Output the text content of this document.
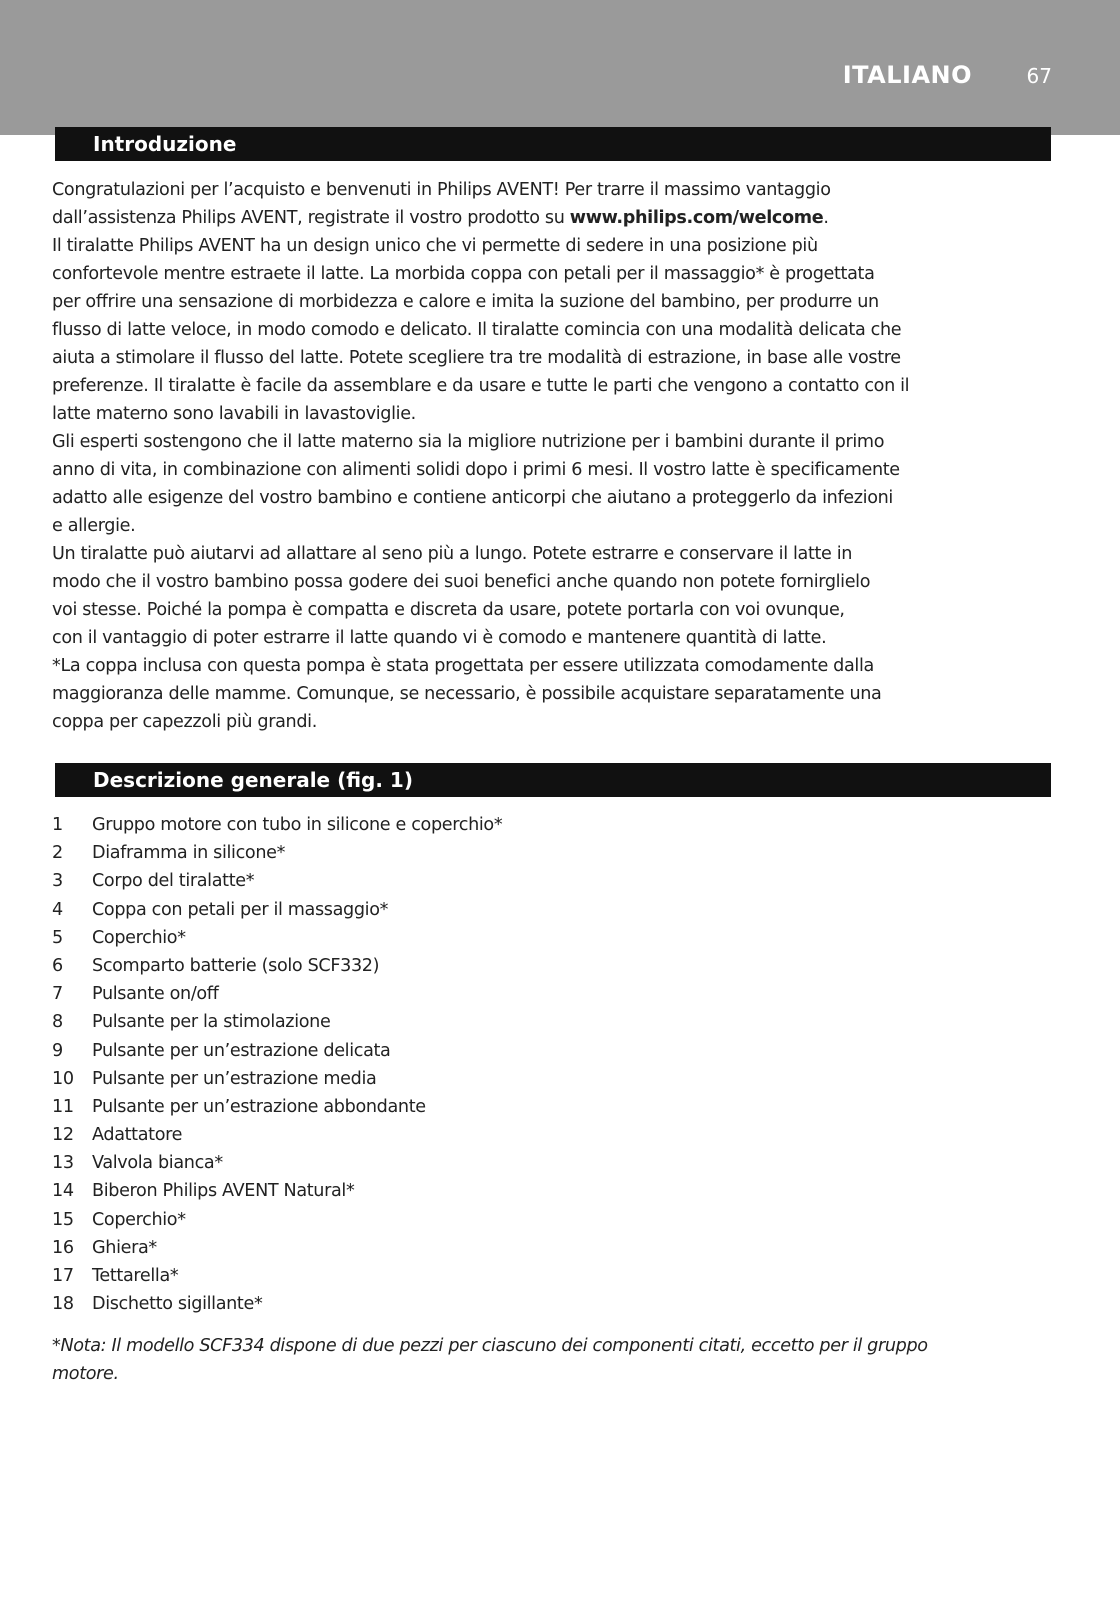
ITALIANO	67
Introduzione

Congratulazioni per l’acquisto e benvenuti in Philips AVENT! Per trarre il massimo vantaggio

dall’assistenza Philips AVENT, registrate il vostro prodotto su www.philips.com/welcome.

Il tiralatte Philips AVENT ha un design unico che vi permette di sedere in una posizione più

confortevole mentre estraete il latte. La morbida coppa con petali per il massaggio* è progettata

per offrire una sensazione di morbidezza e calore e imita la suzione del bambino, per produrre un

flusso di latte veloce, in modo comodo e delicato. Il tiralatte comincia con una modalità delicata che

aiuta a stimolare il flusso del latte. Potete scegliere tra tre modalità di estrazione, in base alle vostre

preferenze. Il tiralatte è facile da assemblare e da usare e tutte le parti che vengono a contatto con il

latte materno sono lavabili in lavastoviglie.

Gli esperti sostengono che il latte materno sia la migliore nutrizione per i bambini durante il primo

anno di vita, in combinazione con alimenti solidi dopo i primi 6 mesi. Il vostro latte è specificamente

adatto alle esigenze del vostro bambino e contiene anticorpi che aiutano a proteggerlo da infezioni

e allergie.

Un tiralatte può aiutarvi ad allattare al seno più a lungo. Potete estrarre e conservare il latte in

modo che il vostro bambino possa godere dei suoi benefici anche quando non potete fornirglielo

voi stesse. Poiché la pompa è compatta e discreta da usare, potete portarla con voi ovunque,

con il vantaggio di poter estrarre il latte quando vi è comodo e mantenere quantità di latte.

*La coppa inclusa con questa pompa è stata progettata per essere utilizzata comodamente dalla

maggioranza delle mamme. Comunque, se necessario, è possibile acquistare separatamente una

coppa per capezzoli più grandi.

Descrizione generale (fig. 1)
1 Gruppo motore con tubo in silicone e coperchio*
2 Diaframma in silicone*
3 Corpo del tiralatte*
4 Coppa con petali per il massaggio*
5 Coperchio*
6 Scomparto batterie (solo SCF332)
7 Pulsante on/off
8 Pulsante per la stimolazione
9 Pulsante per un’estrazione delicata
10 Pulsante per un’estrazione media
11 Pulsante per un’estrazione abbondante
12 Adattatore
13 Valvola bianca*
14 Biberon Philips AVENT Natural*
15 Coperchio*
16 Ghiera*
17 Tettarella*
18 Dischetto sigillante*
*Nota: Il modello SCF334 dispone di due pezzi per ciascuno dei componenti citati, eccetto per il gruppo
motore.
